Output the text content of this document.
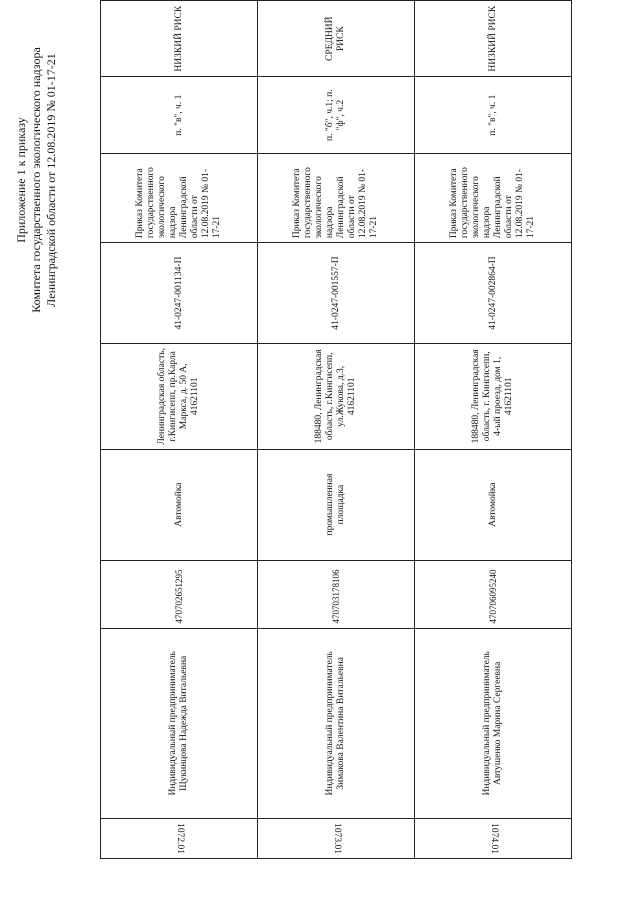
Приложение 1 к приказу Комитета государственного экологического надзора Ленинградской области от 12.08.2019 № 01-17-21
1072.01	Индивидуальный предприниматель Щукинцова Надежда Витальевна	470702651295	Автомойка	Ленинградская область, г.Кингисепп, пр.Карла Маркса, д. 50 А, 41621101	41-0247-001134-П	Приказ Комитета государственного экологического надзора Ленинградской области от 12.08.2019 № 01-17-21	п. "в", ч. 1	НИЗКИЙ РИСК
1073.01	Индивидуальный предприниматель Зимакова Валентина Витальевна	470703178106	промышленная площадка	188480, Ленинградская область, г.Кингисепп, ул.Жукова, д.3, 41621101	41-0247-001557-П	Приказ Комитета государственного экологического надзора Ленинградской области от 12.08.2019 № 01-17-21	п. "б", ч.1; п. "ф", ч.2	СРЕДНИЙ РИСК
1074.01	Индивидуальный предприниматель Автушенко Марина Сергеевна	470706095240	Автомойка	188480, Ленинградская область, г. Кингисепп, 4-ый проезд, дом 1, 41621101	41-0247-002864-П	Приказ Комитета государственного экологического надзора Ленинградской области от 12.08.2019 № 01-17-21	п. "в", ч. 1	НИЗКИЙ РИСК
